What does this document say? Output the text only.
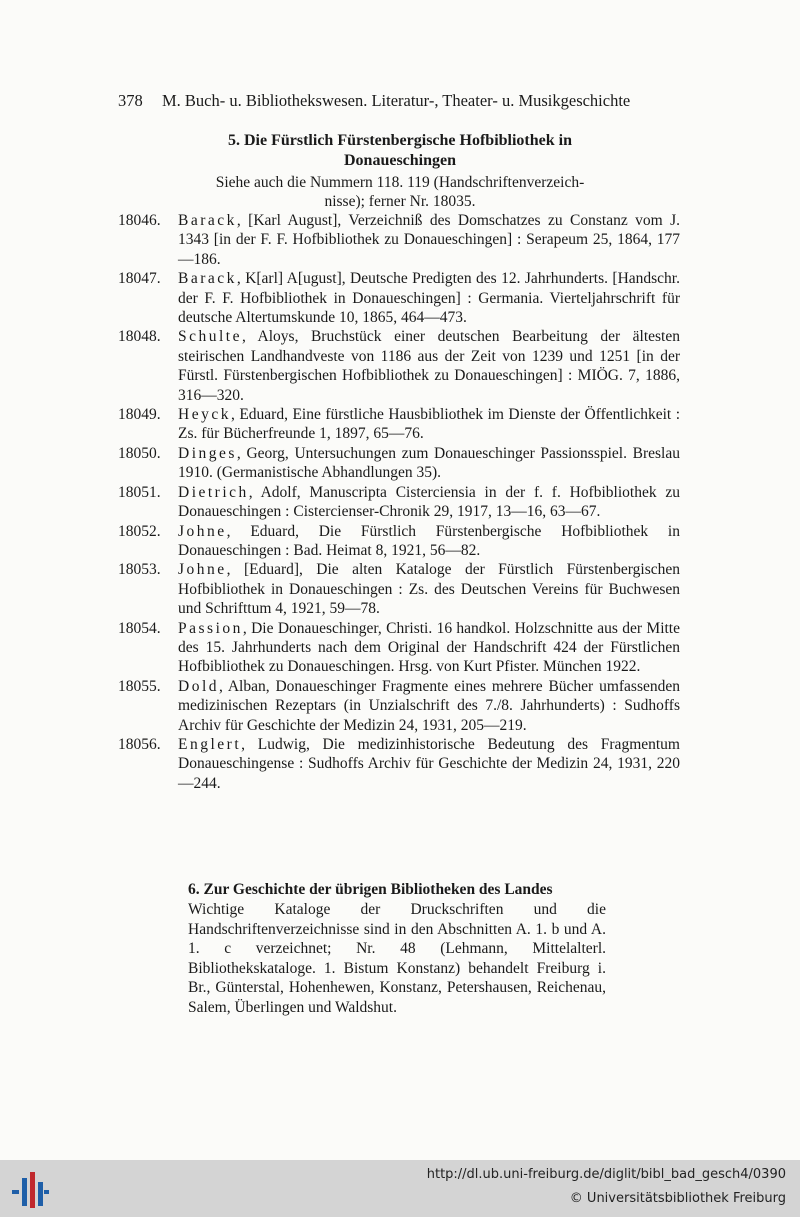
378 M. Buch- u. Bibliothekswesen. Literatur-, Theater- u. Musikgeschichte
5. Die Fürstlich Fürstenbergische Hofbibliothek in
Donaueschingen
Siehe auch die Nummern 118. 119 (Handschriftenverzeich-
nisse); ferner Nr. 18035.
18046. Barack, [Karl August], Verzeichniß des Domschatzes zu Constanz vom J. 1343 [in der F. F. Hofbibliothek zu Donaueschingen] : Serapeum 25, 1864, 177—186.
18047. Barack, K[arl] A[ugust], Deutsche Predigten des 12. Jahrhunderts. [Handschr. der F. F. Hofbibliothek in Donaueschingen] : Germania. Vierteljahrschrift für deutsche Altertumskunde 10, 1865, 464—473.
18048. Schulte, Aloys, Bruchstück einer deutschen Bearbeitung der ältesten steirischen Landhandveste von 1186 aus der Zeit von 1239 und 1251 [in der Fürstl. Fürstenbergischen Hofbibliothek zu Donaueschingen] : MIÖG. 7, 1886, 316—320.
18049. Heyck, Eduard, Eine fürstliche Hausbibliothek im Dienste der Öffentlichkeit : Zs. für Bücherfreunde 1, 1897, 65—76.
18050. Dinges, Georg, Untersuchungen zum Donaueschinger Passionsspiel. Breslau 1910. (Germanistische Abhandlungen 35).
18051. Dietrich, Adolf, Manuscripta Cisterciensia in der f. f. Hofbibliothek zu Donaueschingen : Cistercienser-Chronik 29, 1917, 13—16, 63—67.
18052. Johne, Eduard, Die Fürstlich Fürstenbergische Hofbibliothek in Donaueschingen : Bad. Heimat 8, 1921, 56—82.
18053. Johne, [Eduard], Die alten Kataloge der Fürstlich Fürstenbergischen Hofbibliothek in Donaueschingen : Zs. des Deutschen Vereins für Buchwesen und Schrifttum 4, 1921, 59—78.
18054. Passion, Die Donaueschinger, Christi. 16 handkol. Holzschnitte aus der Mitte des 15. Jahrhunderts nach dem Original der Handschrift 424 der Fürstlichen Hofbibliothek zu Donaueschingen. Hrsg. von Kurt Pfister. München 1922.
18055. Dold, Alban, Donaueschinger Fragmente eines mehrere Bücher umfassenden medizinischen Rezeptars (in Unzialschrift des 7./8. Jahrhunderts) : Sudhoffs Archiv für Geschichte der Medizin 24, 1931, 205—219.
18056. Englert, Ludwig, Die medizinhistorische Bedeutung des Fragmentum Donaueschingense : Sudhoffs Archiv für Geschichte der Medizin 24, 1931, 220—244.
6. Zur Geschichte der übrigen Bibliotheken des Landes
Wichtige Kataloge der Druckschriften und die Handschriftenverzeichnisse sind in den Abschnitten A. 1. b und A. 1. c verzeichnet; Nr. 48 (Lehmann, Mittelalterl. Bibliothekskataloge. 1. Bistum Konstanz) behandelt Freiburg i. Br., Günterstal, Hohenhewen, Konstanz, Petershausen, Reichenau, Salem, Überlingen und Waldshut.
http://dl.ub.uni-freiburg.de/diglit/bibl_bad_gesch4/0390
© Universitätsbibliothek Freiburg
